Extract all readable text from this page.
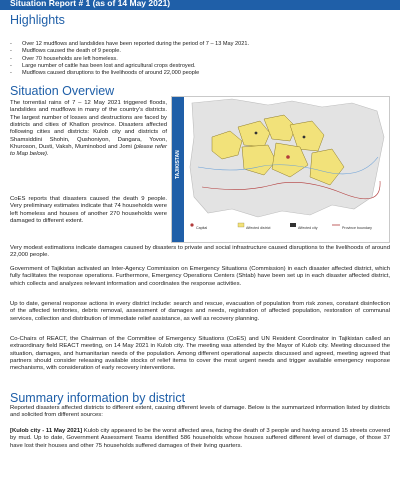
Situation Report # 1 (as of 14 May 2021)
Highlights
- Over 12 mudflows and landslides have been reported during the period of 7 – 13 May 2021.
- Mudflows caused the death of 9 people.
- Over 70 households are left homeless.
- Large number of cattle has been lost and agricultural crops destroyed.
- Mudflows caused disruptions to the livelihoods of around 22,000 people
Situation Overview

The torrential rains of 7 – 12 May 2021 triggered floods, landslides and mudflows in many of the country's districts. The largest number of losses and destructions are faced by districts and cities of Khatlon province. Disasters affected following cities and districts: Kulob city and districts of Shamsiddini Shohin, Qushoniyon, Dangara, Yovon, Khuroson, Dusti, Vaksh, Muminobod and Jomi (please refer to Map below).

CoES reports that disasters caused the death 9 people. Very preliminary estimates indicate that 74 households were left homeless and houses of another 270 households were damaged to different extent.

TAJIKISTAN
Capital	Affected district	Affected city	Province boundary

Very modest estimations indicate damages caused by disasters to private and social infrastructure caused disruptions to the livelihoods of around 22,000 people.

Government of Tajikistan activated an Inter-Agency Commission on Emergency Situations (Commission) in each disaster affected district, which fully facilitates the response operations. Furthermore, Emergency Operations Centers (Shtab) have been set up in each disaster affected district, which collects and analyzes relevant information and coordinates the response activities.

Up to date, general response actions in every district include: search and rescue, evacuation of population from risk zones, constant disinfection of the affected territories, debris removal, assessment of damages and needs, registration of affected population, restoration of communal services, collection and distribution of immediate relief assistance, as well as recovery planning.

Co-Chairs of REACT, the Chairman of the Committee of Emergency Situations (CoES) and UN Resident Coordinator in Tajikistan called an extraordinary field REACT meeting, on 14 May 2021 in Kulob city. The meeting was attended by the Mayor of Kulob city. Meeting discussed the situation, damages, and humanitarian needs of the population. Among different operational aspects discussed and agreed, meeting agreed that partners should consider releasing available stocks of relief items to cover the most urgent needs and trigger available emergency response mechanisms, with consideration of early recovery interventions.

Summary information by district

Reported disasters affected districts to different extent, causing different levels of damage. Below is the summarized information listed by districts and solicited from different sources:

[Kulob city - 11 May 2021] Kulob city appeared to be the worst affected area, facing the death of 3 people and having around 15 streets covered by mud. Up to date, Government Assessment Teams identified 586 households whose houses suffered different level of damage, of those 37 have lost their houses and other 75 households suffered damages of their living quarters.
